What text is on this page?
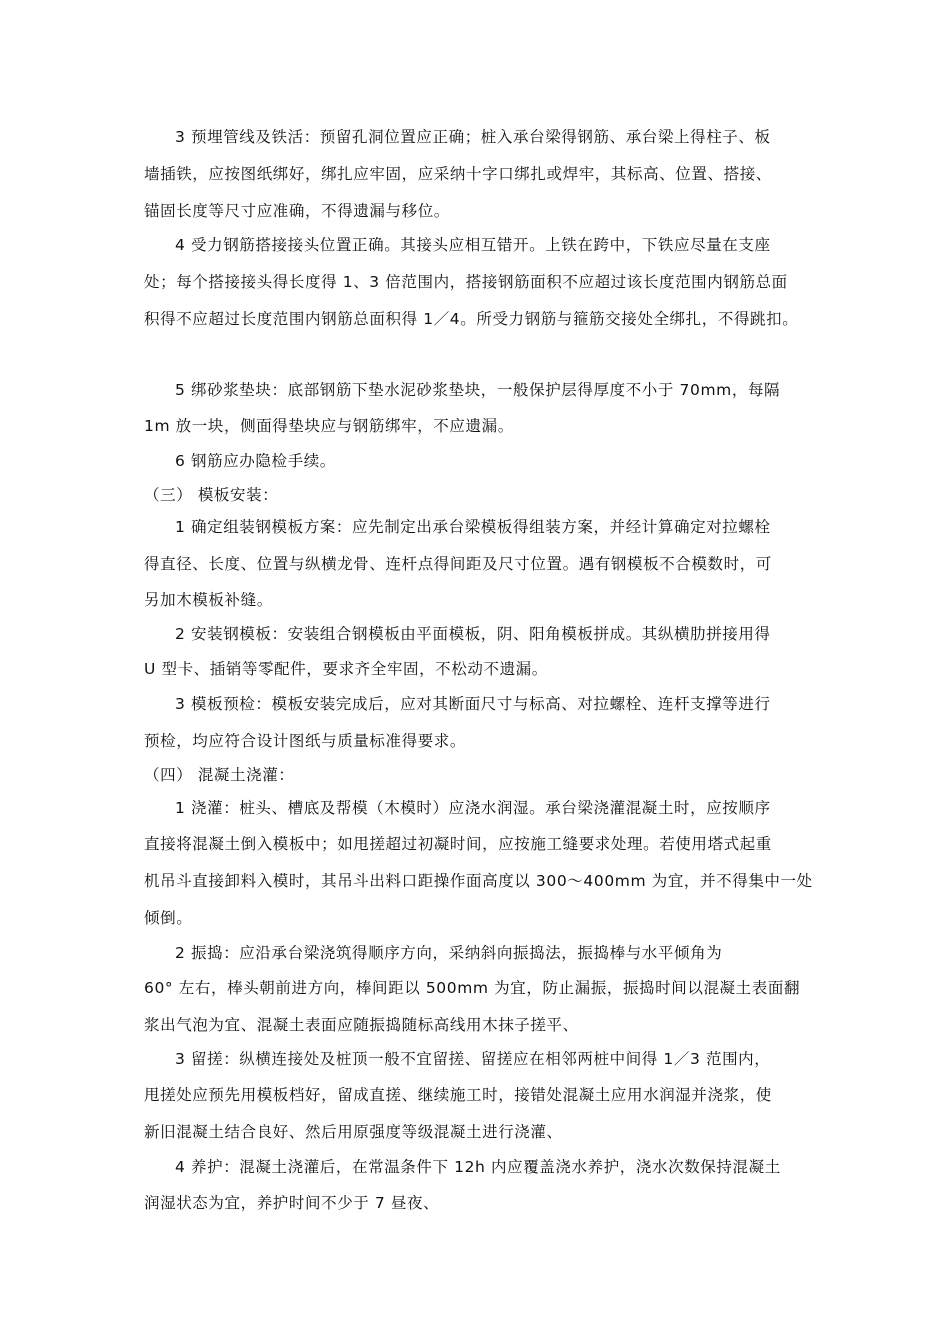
3 预埋管线及铁活：预留孔洞位置应正确；桩入承台梁得钢筋、承台梁上得柱子、板
墙插铁，应按图纸绑好，绑扎应牢固，应采纳十字口绑扎或焊牢，其标高、位置、搭接、
锚固长度等尺寸应准确，不得遗漏与移位。
4 受力钢筋搭接接头位置正确。其接头应相互错开。上铁在跨中，下铁应尽量在支座
处；每个搭接接头得长度得 1、3 倍范围内，搭接钢筋面积不应超过该长度范围内钢筋总面
积得不应超过长度范围内钢筋总面积得 1／4。所受力钢筋与箍筋交接处全绑扎，不得跳扣。
5 绑砂浆垫块：底部钢筋下垫水泥砂浆垫块，一般保护层得厚度不小于 70mm，每隔
1m 放一块，侧面得垫块应与钢筋绑牢，不应遗漏。
6 钢筋应办隐检手续。
（三） 模板安装：
1 确定组装钢模板方案：应先制定出承台梁模板得组装方案，并经计算确定对拉螺栓
得直径、长度、位置与纵横龙骨、连杆点得间距及尺寸位置。遇有钢模板不合模数时，可
另加木模板补缝。
2 安装钢模板：安装组合钢模板由平面模板，阴、阳角模板拼成。其纵横肋拼接用得
U 型卡、插销等零配件，要求齐全牢固，不松动不遗漏。
3 模板预检：模板安装完成后，应对其断面尺寸与标高、对拉螺栓、连杆支撑等进行
预检，均应符合设计图纸与质量标准得要求。
（四） 混凝土浇灌：
1 浇灌：桩头、槽底及帮模（木模时）应浇水润湿。承台梁浇灌混凝土时，应按顺序
直接将混凝土倒入模板中；如甩搓超过初凝时间，应按施工缝要求处理。若使用塔式起重
机吊斗直接卸料入模时，其吊斗出料口距操作面高度以 300～400mm 为宜，并不得集中一处
倾倒。
2 振捣：应沿承台梁浇筑得顺序方向，采纳斜向振捣法，振捣棒与水平倾角为
60° 左右，棒头朝前进方向，棒间距以 500mm 为宜，防止漏振，振捣时间以混凝土表面翻
浆出气泡为宜、混凝土表面应随振捣随标高线用木抹子搓平、
3 留搓：纵横连接处及桩顶一般不宜留搓、留搓应在相邻两桩中间得 1／3 范围内，
甩搓处应预先用模板档好，留成直搓、继续施工时，接错处混凝土应用水润湿并浇浆，使
新旧混凝土结合良好、然后用原强度等级混凝土进行浇灌、
4 养护：混凝土浇灌后，在常温条件下 12h 内应覆盖浇水养护，浇水次数保持混凝土
润湿状态为宜，养护时间不少于 7 昼夜、
